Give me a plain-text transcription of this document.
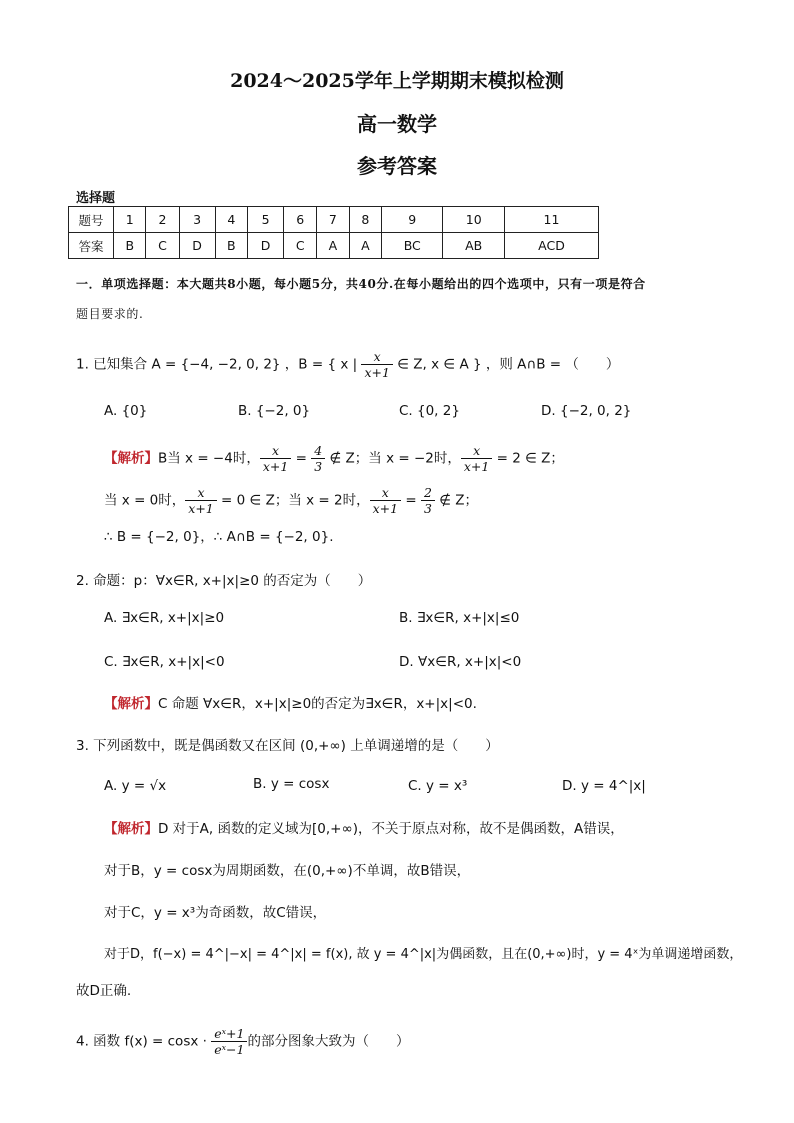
2024～2025学年上学期期末模拟检测
高一数学
参考答案
选择题
题号	1	2	3	4	5	6	7	8	9	10	11
答案	B	C	D	B	D	C	A	A	BC	AB	ACD
一．单项选择题：本大题共8小题，每小题5分，共40分.在每小题给出的四个选项中，只有一项是符合
题目要求的.
1. 已知集合 A = {−4, −2, 0, 2} ，B = { x | $\frac{x}{x+1}$ ∈ Z, x ∈ A } ，则 A∩B = （　　）
A. {0}	B. {−2, 0}	C. {0, 2}	D. {−2, 0, 2}
【解析】B当 x = −4时， $\frac{x}{x+1} = \frac{4}{3}$ ∉ Z；当 x = −2时， $\frac{x}{x+1} = 2$ ∈ Z；
当 x = 0时， $\frac{x}{x+1} = 0$ ∈ Z；当 x = 2时， $\frac{x}{x+1} = \frac{2}{3}$ ∉ Z；
∴ B = {−2, 0}，∴ A∩B = {−2, 0}.
2. 命题：p：∀x∈R, x+|x|≥0 的否定为（　　）
A. ∃x∈R, x+|x|≥0	B. ∃x∈R, x+|x|≤0
C. ∃x∈R, x+|x|<0	D. ∀x∈R, x+|x|<0
【解析】C 命题 ∀x∈R，x+|x|≥0的否定为∃x∈R，x+|x|<0.
3. 下列函数中，既是偶函数又在区间 (0,+∞) 上单调递增的是（　　）
A. y = √x	B. y = cosx	C. y = x³	D. y = 4^|x|
【解析】D 对于A, 函数的定义域为[0,+∞)，不关于原点对称，故不是偶函数，A错误，
对于B，y = cosx为周期函数，在(0,+∞)不单调，故B错误，
对于C，y = x³为奇函数，故C错误，
对于D，f(−x) = 4^|−x| = 4^|x| = f(x), 故 y = 4^|x|为偶函数，且在(0,+∞)时，y = 4ˣ为单调递增函数，
故D正确.
4. 函数 $f(x) = \cos x \cdot \frac{\text{eˣ+1}}{\text{eˣ−1}}$ 的部分图象大致为（　　）
